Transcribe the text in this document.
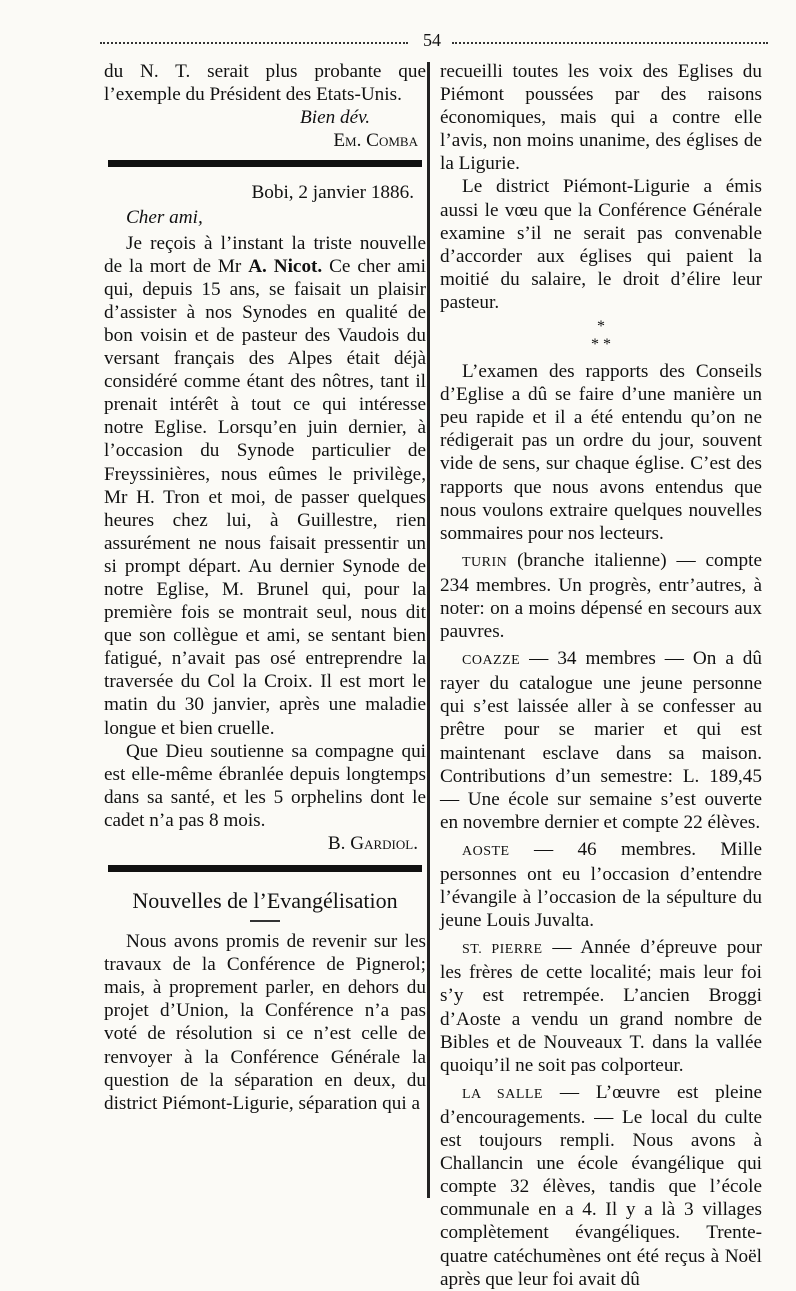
54

du N. T. serait plus probante que l’exemple du Président des Etats-Unis.

Bien dév.

Em. Comba

Bobi, 2 janvier 1886.

Cher ami,

Je reçois à l’instant la triste nouvelle de la mort de Mr A. Nicot. Ce cher ami qui, depuis 15 ans, se faisait un plaisir d’assister à nos Synodes en qualité de bon voisin et de pasteur des Vaudois du versant français des Alpes était déjà considéré comme étant des nôtres, tant il prenait intérêt à tout ce qui intéresse notre Eglise. Lorsqu’en juin dernier, à l’occasion du Synode particulier de Freyssinières, nous eûmes le privilège, Mr H. Tron et moi, de passer quelques heures chez lui, à Guillestre, rien assurément ne nous faisait pressentir un si prompt départ. Au dernier Synode de notre Eglise, M. Brunel qui, pour la première fois se montrait seul, nous dit que son collègue et ami, se sentant bien fatigué, n’avait pas osé entreprendre la traversée du Col la Croix. Il est mort le matin du 30 janvier, après une maladie longue et bien cruelle.

Que Dieu soutienne sa compagne qui est elle-même ébranlée depuis longtemps dans sa santé, et les 5 orphelins dont le cadet n’a pas 8 mois.

B. Gardiol.

Nouvelles de l’Evangélisation

Nous avons promis de revenir sur les travaux de la Conférence de Pignerol; mais, à proprement parler, en dehors du projet d’Union, la Conférence n’a pas voté de résolution si ce n’est celle de renvoyer à la Conférence Générale la question de la séparation en deux, du district Piémont-Ligurie, séparation qui a

recueilli toutes les voix des Eglises du Piémont poussées par des raisons économiques, mais qui a contre elle l’avis, non moins unanime, des églises de la Ligurie.

Le district Piémont-Ligurie a émis aussi le vœu que la Conférence Générale examine s’il ne serait pas convenable d’accorder aux églises qui paient la moitié du salaire, le droit d’élire leur pasteur.

*
* *

L’examen des rapports des Conseils d’Eglise a dû se faire d’une manière un peu rapide et il a été entendu qu’on ne rédigerait pas un ordre du jour, souvent vide de sens, sur chaque église. C’est des rapports que nous avons entendus que nous voulons extraire quelques nouvelles sommaires pour nos lecteurs.

TURIN (branche italienne) — compte 234 membres. Un progrès, entr’autres, à noter: on a moins dépensé en secours aux pauvres.

COAZZE — 34 membres — On a dû rayer du catalogue une jeune personne qui s’est laissée aller à se confesser au prêtre pour se marier et qui est maintenant esclave dans sa maison. Contributions d’un semestre: L. 189,45 — Une école sur semaine s’est ouverte en novembre dernier et compte 22 élèves.

AOSTE — 46 membres. Mille personnes ont eu l’occasion d’entendre l’évangile à l’occasion de la sépulture du jeune Louis Juvalta.

ST. PIERRE — Année d’épreuve pour les frères de cette localité; mais leur foi s’y est retrempée. L’ancien Broggi d’Aoste a vendu un grand nombre de Bibles et de Nouveaux T. dans la vallée quoiqu’il ne soit pas colporteur.

LA SALLE — L’œuvre est pleine d’encouragements. — Le local du culte est toujours rempli. Nous avons à Challancin une école évangélique qui compte 32 élèves, tandis que l’école communale en a 4. Il y a là 3 villages complètement évangéliques. Trente-quatre catéchumènes ont été reçus à Noël après que leur foi avait dû
